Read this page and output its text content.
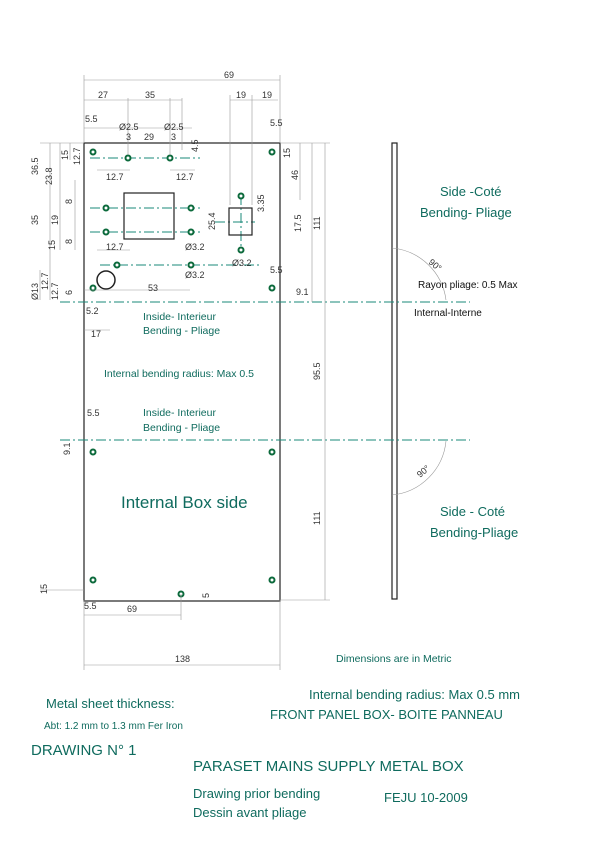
69
27	35	19 19
5.5
Ø2.5
29
3	3
Ø2.5	5.5
36.5
23.8
15 12.7
4.5
15
46
12.7	12.7
8
19
35
15 8
25.4
3.35
17.5 111
12.7	Ø3.2
Ø3.2
Ø3.2
Ø13
12.7
12.7 6
5.2
53
5.5
9.1
17
95.5
5.5
9.1
111
15
5.5	69
5
138
90°
90°
Side -Coté
Bending- Pliage
Rayon pliage: 0.5 Max
Internal-Interne
Inside- Interieur
Bending - Pliage
Internal bending radius: Max 0.5
Inside- Interieur
Bending - Pliage
Internal Box side	Side - Coté
Bending-Pliage
Dimensions are in Metric
Metal sheet thickness:
Internal bending radius: Max 0.5 mm
Abt: 1.2 mm to 1.3 mm Fer Iron
FRONT PANEL BOX- BOITE PANNEAU
DRAWING N° 1
PARASET MAINS SUPPLY METAL BOX
Drawing prior bending	FEJU 10-2009
Dessin avant pliage
